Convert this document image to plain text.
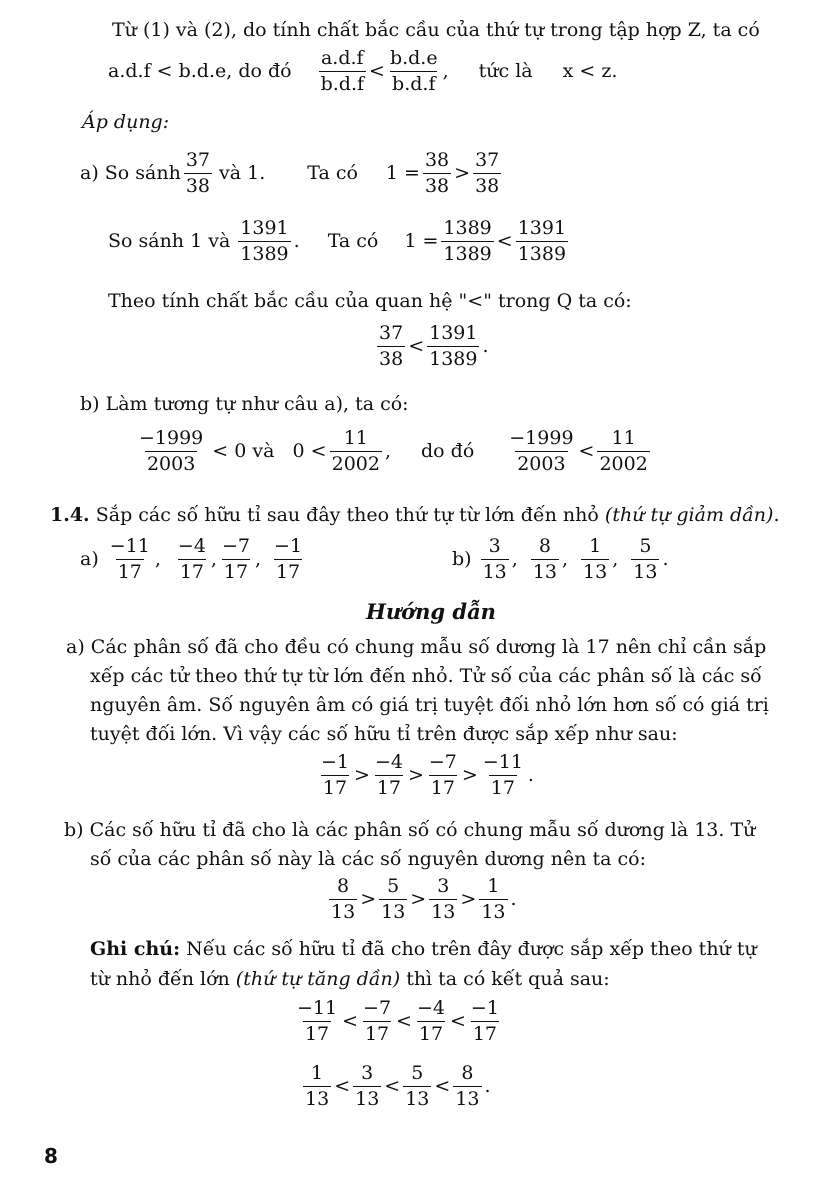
Từ (1) và (2), do tính chất bắc cầu của thứ tự trong tập hợp Z, ta có
a.d.f < b.d.e, do đó $\frac{a.d.f}{b.d.f} < \frac{b.d.e}{b.d.f}$ , tức là x < z.
Áp dụng:
a) So sánh $\frac{37}{38}$ và 1. Ta có $1 = \frac{38}{38} > \frac{37}{38}$
So sánh 1 và $\frac{1391}{1389}$ . Ta có $1 = \frac{1389}{1389} < \frac{1391}{1389}$
Theo tính chất bắc cầu của quan hệ "<" trong Q ta có:
$\frac{37}{38} < \frac{1391}{1389}$ .
b) Làm tương tự như câu a), ta có:
$\frac{-1999}{2003} < 0$ và   $0 < \frac{11}{2002}$ , do đó $\frac{-1999}{2003} < \frac{11}{2002}$
1.4. Sắp các số hữu tỉ sau đây theo thứ tự từ lớn đến nhỏ (thứ tự giảm dần).
$a) \frac{-11}{17}$ , $\frac{-4}{17}$ , $\frac{-7}{17}$ , $\frac{-1}{17}$	$b) \frac{3}{13}$ , $\frac{8}{13}$ , $\frac{1}{13}$ , $\frac{5}{13}$ .
Hướng dẫn
a) Các phân số đã cho đều có chung mẫu số dương là 17 nên chỉ cần sắp
xếp các tử theo thứ tự từ lớn đến nhỏ. Tử số của các phân số là các số
nguyên âm. Số nguyên âm có giá trị tuyệt đối nhỏ lớn hơn số có giá trị
tuyệt đối lớn. Vì vậy các số hữu tỉ trên được sắp xếp như sau:
$\frac{-1}{17} > \frac{-4}{17} > \frac{-7}{17} > \frac{-11}{17}$ .
b) Các số hữu tỉ đã cho là các phân số có chung mẫu số dương là 13. Tử
số của các phân số này là các số nguyên dương nên ta có:
$\frac{8}{13} > \frac{5}{13} > \frac{3}{13} > \frac{1}{13}$ .
Ghi chú: Nếu các số hữu tỉ đã cho trên đây được sắp xếp theo thứ tự
từ nhỏ đến lớn (thứ tự tăng dần) thì ta có kết quả sau:
$\frac{-11}{17} < \frac{-7}{17} < \frac{-4}{17} < \frac{-1}{17}$
$\frac{1}{13} < \frac{3}{13} < \frac{5}{13} < \frac{8}{13}$ .
8
